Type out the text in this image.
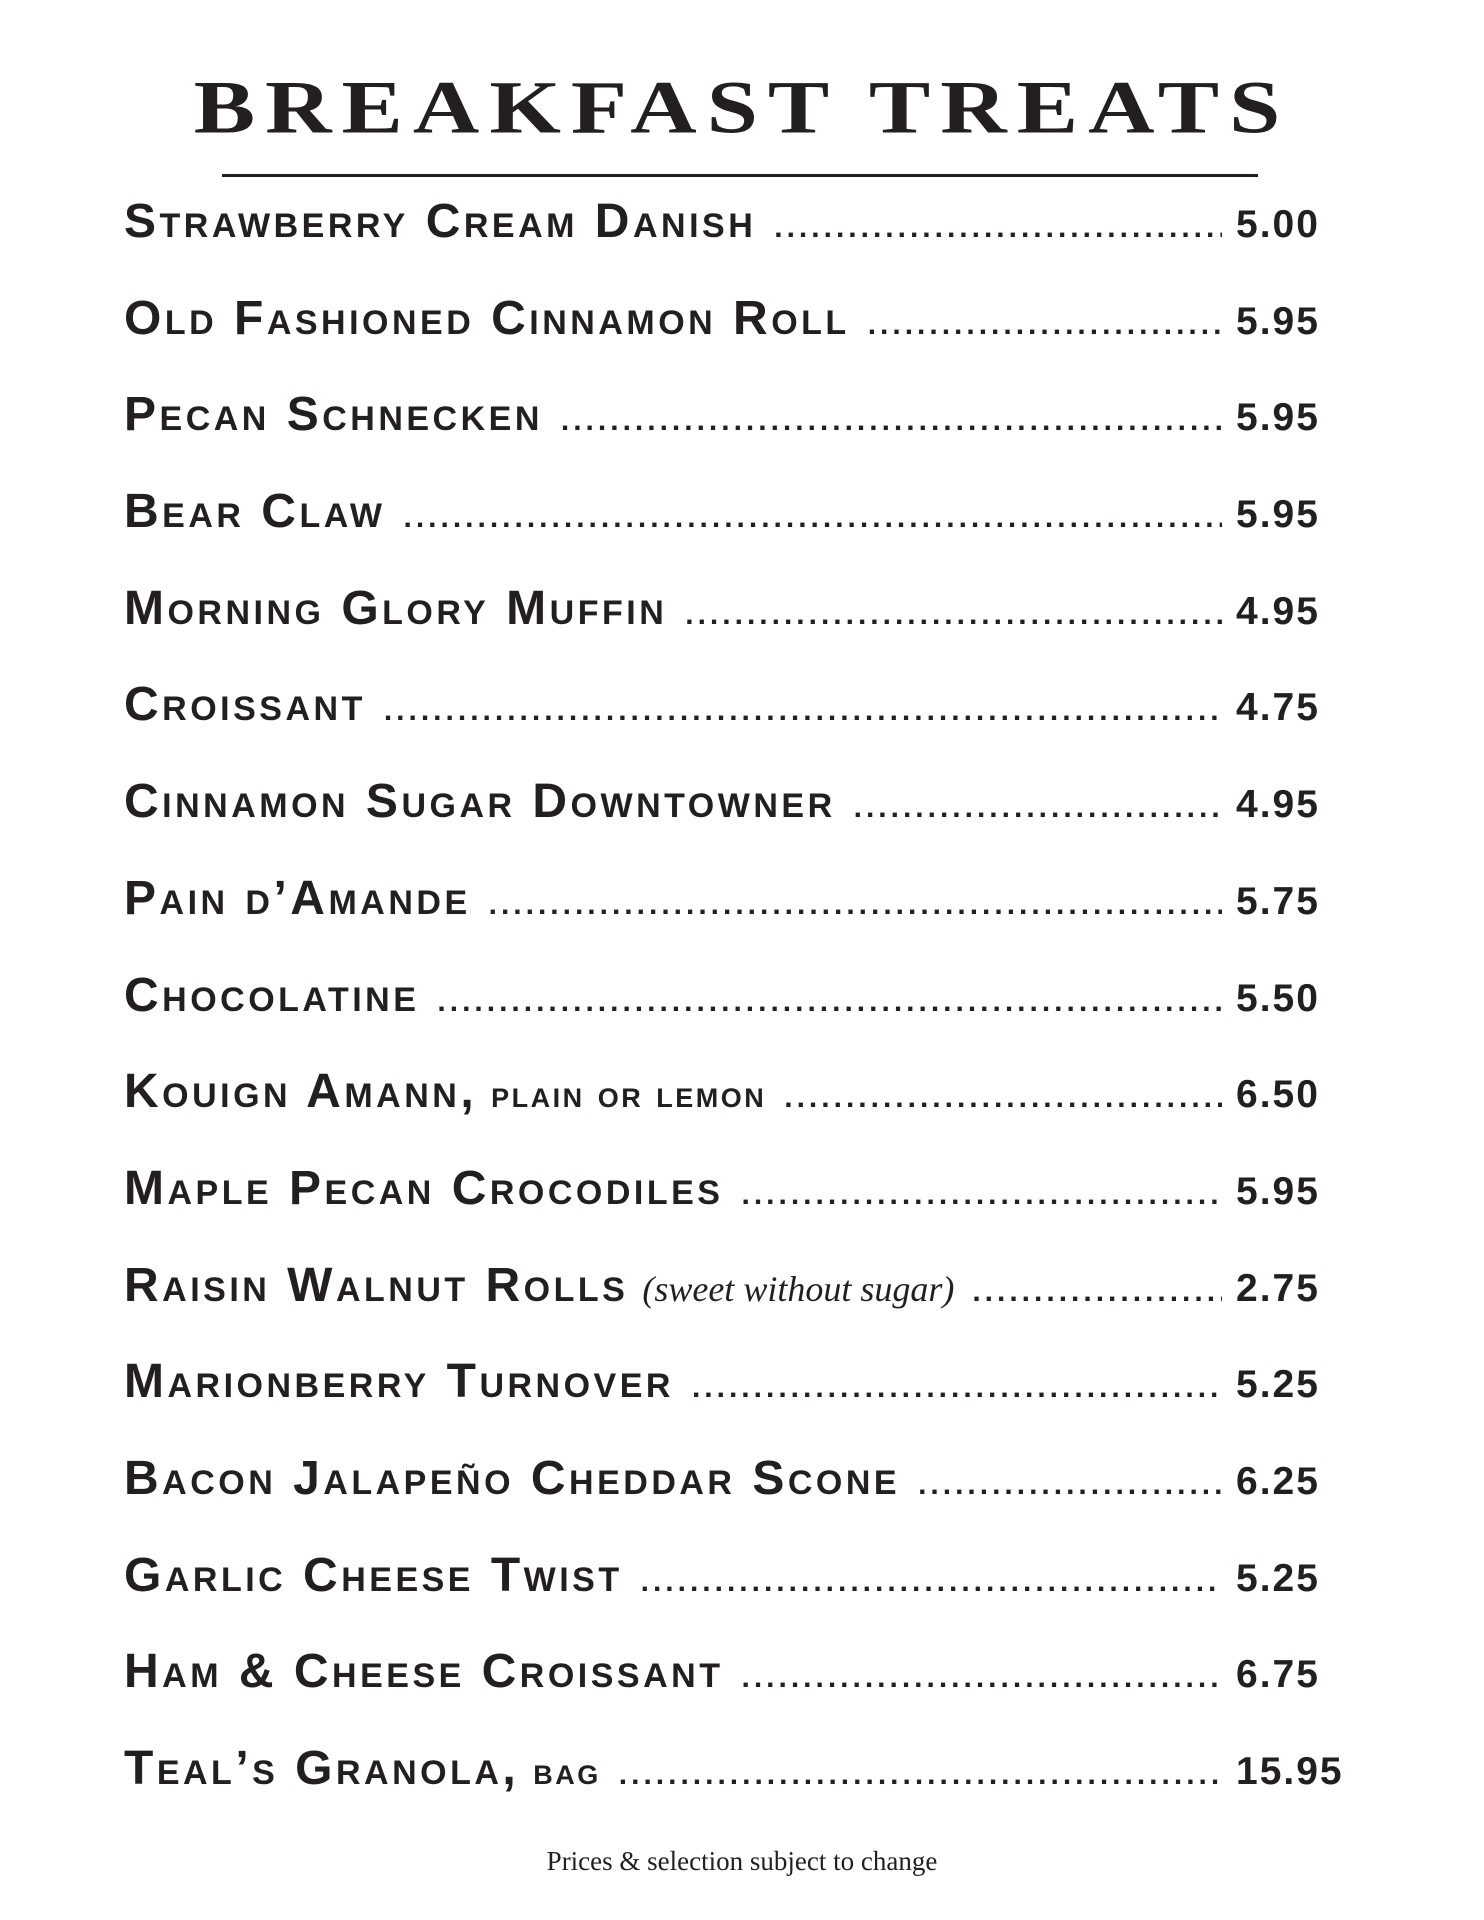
BREAKFAST TREATS
Strawberry Cream Danish .....	5.00
Old Fashioned Cinnamon Roll .....	5.95
Pecan Schnecken .....	5.95
Bear Claw .....	5.95
Morning Glory Muffin .....	4.95
Croissant .....	4.75
Cinnamon Sugar Downtowner .....	4.95
Pain d’Amande .....	5.75
Chocolatine .....	5.50
Kouign Amann, plain or lemon .....	6.50
Maple Pecan Crocodiles .....	5.95
Raisin Walnut Rolls (sweet without sugar) .....	2.75
Marionberry Turnover .....	5.25
Bacon Jalapeño Cheddar Scone .....	6.25
Garlic Cheese Twist .....	5.25
Ham & Cheese Croissant .....	6.75
Teal’s Granola, bag .....	15.95
Prices & selection subject to change
